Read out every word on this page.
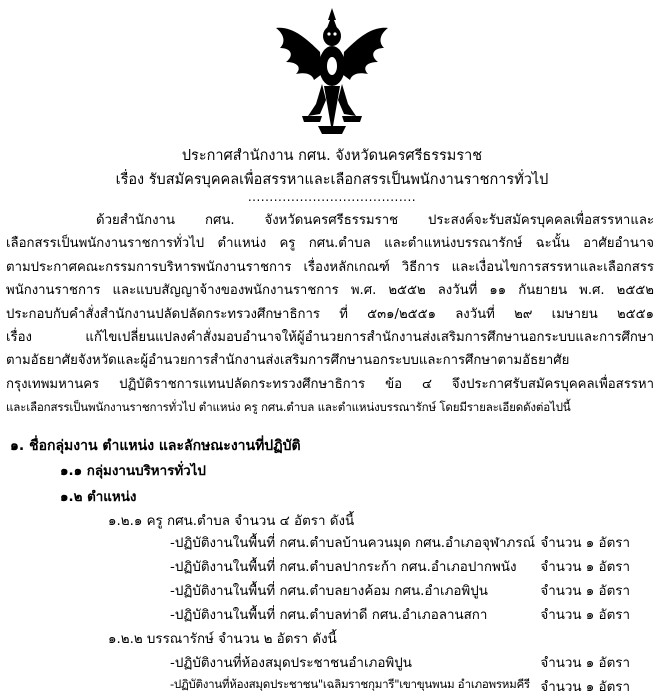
ประกาศสำนักงาน กศน. จังหวัดนครศรีธรรมราช
เรื่อง รับสมัครบุคคลเพื่อสรรหาและเลือกสรรเป็นพนักงานราชการทั่วไป
.......................................
ด้วยสำนักงาน กศน. จังหวัดนครศรีธรรมราช ประสงค์จะรับสมัครบุคคลเพื่อสรรหาและ
เลือกสรรเป็นพนักงานราชการทั่วไป ตำแหน่ง ครู กศน.ตำบล และตำแหน่งบรรณารักษ์ ฉะนั้น อาศัยอำนาจ
ตามประกาศคณะกรรมการบริหารพนักงานราชการ เรื่องหลักเกณฑ์ วิธีการ และเงื่อนไขการสรรหาและเลือกสรร
พนักงานราชการ และแบบสัญญาจ้างของพนักงานราชการ พ.ศ. ๒๕๕๒ ลงวันที่ ๑๑ กันยายน พ.ศ. ๒๕๕๒
ประกอบกับคำสั่งสำนักงานปลัดปลัดกระทรวงศึกษาธิการ ที่ ๕๓๑/๒๕๕๑ ลงวันที่ ๒๙ เมษายน ๒๕๕๑
เรื่อง แก้ไขเปลี่ยนแปลงคำสั่งมอบอำนาจให้ผู้อำนวยการสำนักงานส่งเสริมการศึกษานอกระบบและการศึกษา
ตามอัธยาศัยจังหวัดและผู้อำนวยการสำนักงานส่งเสริมการศึกษานอกระบบและการศึกษาตามอัธยาศัย
กรุงเทพมหานคร ปฏิบัติราชการแทนปลัดกระทรวงศึกษาธิการ ข้อ ๔ จึงประกาศรับสมัครบุคคลเพื่อสรรหา
และเลือกสรรเป็นพนักงานราชการทั่วไป ตำแหน่ง ครู กศน.ตำบล และตำแหน่งบรรณารักษ์ โดยมีรายละเอียดดังต่อไปนี้
๑. ชื่อกลุ่มงาน ตำแหน่ง และลักษณะงานที่ปฏิบัติ
๑.๑ กลุ่มงานบริหารทั่วไป
๑.๒ ตำแหน่ง
๑.๒.๑ ครู กศน.ตำบล จำนวน ๔ อัตรา ดังนี้
-ปฏิบัติงานในพื้นที่ กศน.ตำบลบ้านควนมุด กศน.อำเภอจุฬาภรณ์ จำนวน ๑ อัตรา
-ปฏิบัติงานในพื้นที่ กศน.ตำบลปากระก้า กศน.อำเภอปากพนัง จำนวน ๑ อัตรา
-ปฏิบัติงานในพื้นที่ กศน.ตำบลยางค้อม กศน.อำเภอพิปูน	จำนวน ๑ อัตรา
-ปฏิบัติงานในพื้นที่ กศน.ตำบลท่าดี กศน.อำเภอลานสกา	จำนวน ๑ อัตรา
๑.๒.๒ บรรณารักษ์ จำนวน ๒ อัตรา ดังนี้
-ปฏิบัติงานที่ห้องสมุดประชาชนอำเภอพิปูน	จำนวน ๑ อัตรา
-ปฏิบัติงานที่ห้องสมุดประชาชน"เฉลิมราชกุมารี"เขาขุนพนม อำเภอพรหมคีรี จำนวน ๑ อัตรา
